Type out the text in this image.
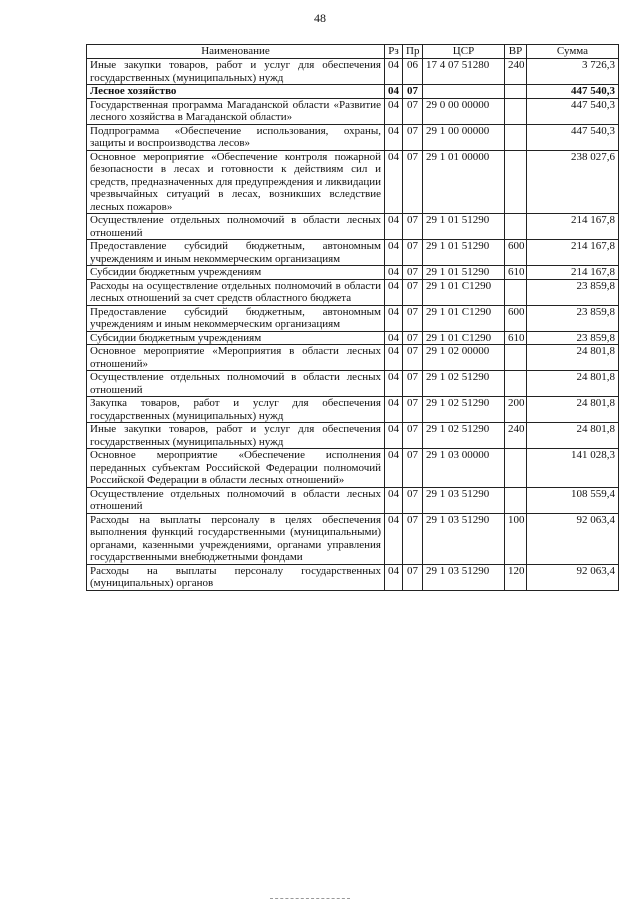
48
Наименование	Рз	Пр	ЦСР	ВР	Сумма
Иные закупки товаров, работ и услуг для обеспечения государственных (муниципальных) нужд	04	06	17 4 07 51280	240	3 726,3
Лесное хозяйство	04	07			447 540,3
Государственная программа Магаданской области «Развитие лесного хозяйства в Магаданской области»	04	07	29 0 00 00000		447 540,3
Подпрограмма «Обеспечение использования, охраны, защиты и воспроизводства лесов»	04	07	29 1 00 00000		447 540,3
Основное мероприятие «Обеспечение контроля пожарной безопасности в лесах и готовности к действиям сил и средств, предназначенных для предупреждения и ликвидации чрезвычайных ситуаций в лесах, возникших вследствие лесных пожаров»	04	07	29 1 01 00000		238 027,6
Осуществление отдельных полномочий в области лесных отношений	04	07	29 1 01 51290		214 167,8
Предоставление субсидий бюджетным, автономным учреждениям и иным некоммерческим организациям	04	07	29 1 01 51290	600	214 167,8
Субсидии бюджетным учреждениям	04	07	29 1 01 51290	610	214 167,8
Расходы на осуществление отдельных полномочий в области лесных отношений за счет средств областного бюджета	04	07	29 1 01 С1290		23 859,8
Предоставление субсидий бюджетным, автономным учреждениям и иным некоммерческим организациям	04	07	29 1 01 С1290	600	23 859,8
Субсидии бюджетным учреждениям	04	07	29 1 01 С1290	610	23 859,8
Основное мероприятие «Мероприятия в области лесных отношений»	04	07	29 1 02 00000		24 801,8
Осуществление отдельных полномочий в области лесных отношений	04	07	29 1 02 51290		24 801,8
Закупка товаров, работ и услуг для обеспечения государственных (муниципальных) нужд	04	07	29 1 02 51290	200	24 801,8
Иные закупки товаров, работ и услуг для обеспечения государственных (муниципальных) нужд	04	07	29 1 02 51290	240	24 801,8
Основное мероприятие «Обеспечение исполнения переданных субъектам Российской Федерации полномочий Российской Федерации в области лесных отношений»	04	07	29 1 03 00000		141 028,3
Осуществление отдельных полномочий в области лесных отношений	04	07	29 1 03 51290		108 559,4
Расходы на выплаты персоналу в целях обеспечения выполнения функций государственными (муниципальными) органами, казенными учреждениями, органами управления государственными внебюджетными фондами	04	07	29 1 03 51290	100	92 063,4
Расходы на выплаты персоналу государственных (муниципальных) органов	04	07	29 1 03 51290	120	92 063,4
